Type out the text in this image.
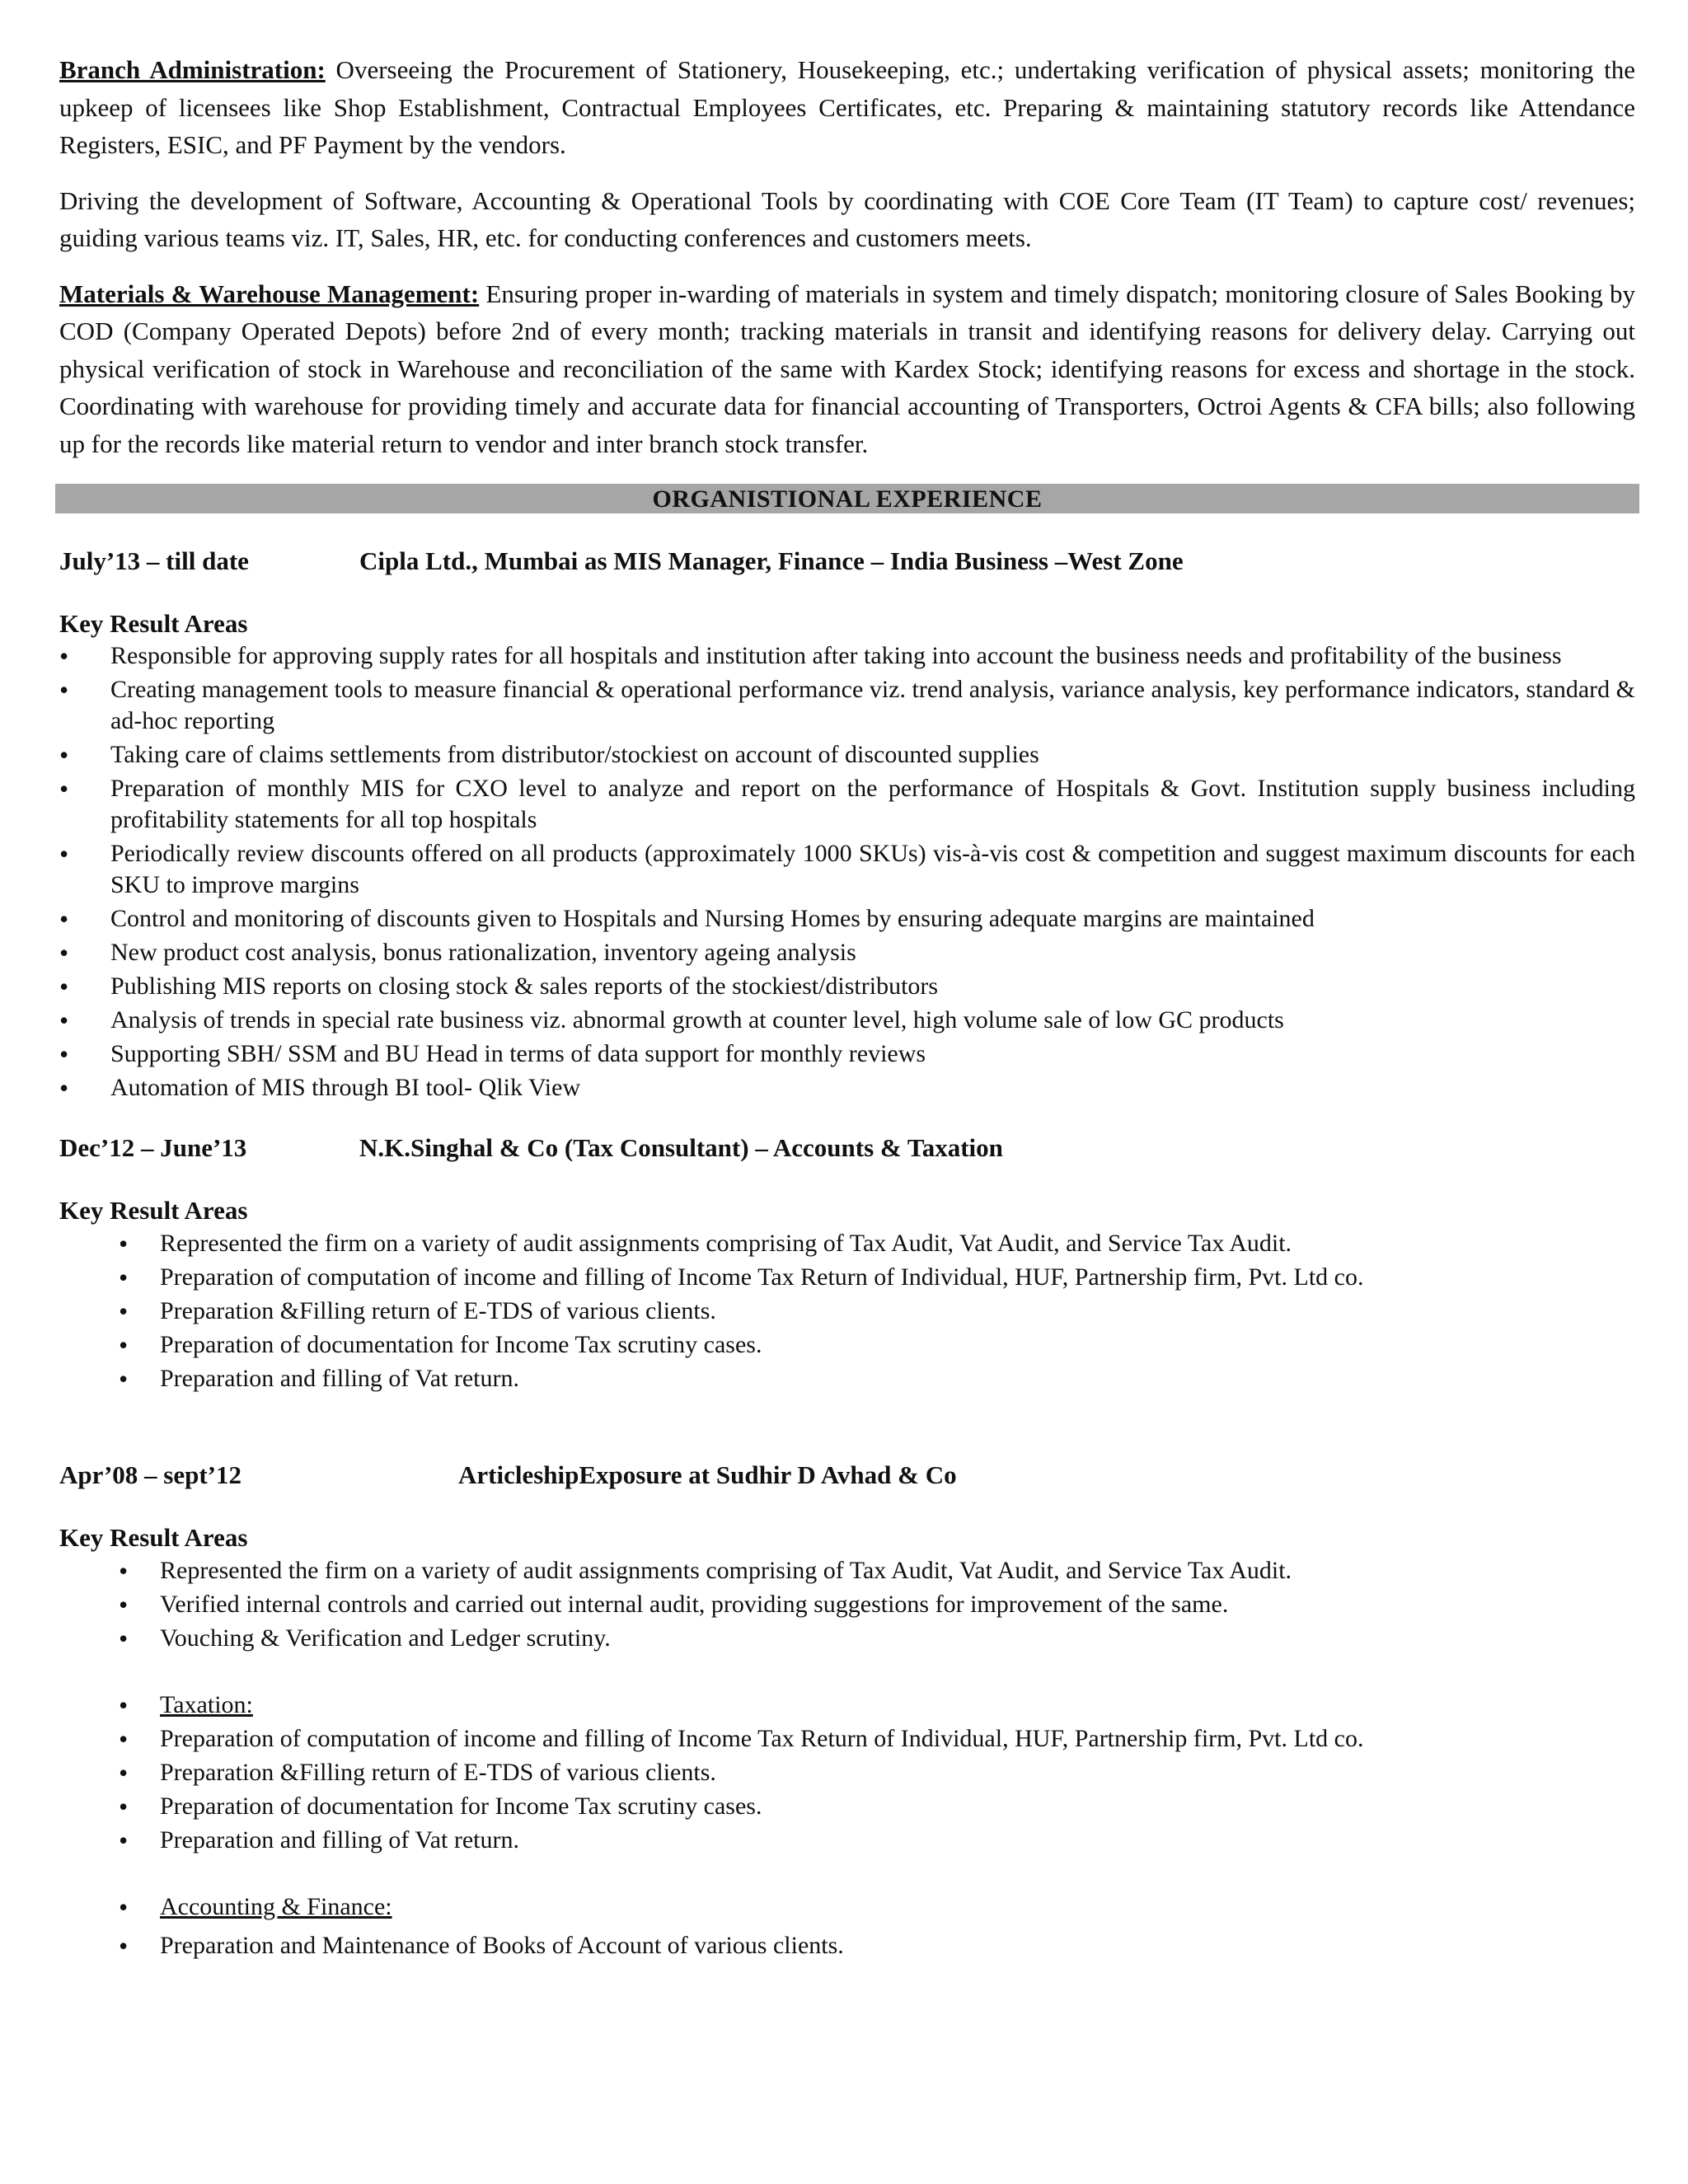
Branch Administration: Overseeing the Procurement of Stationery, Housekeeping, etc.; undertaking verification of physical assets; monitoring the upkeep of licensees like Shop Establishment, Contractual Employees Certificates, etc. Preparing & maintaining statutory records like Attendance Registers, ESIC, and PF Payment by the vendors.

Driving the development of Software, Accounting & Operational Tools by coordinating with COE Core Team (IT Team) to capture cost/ revenues; guiding various teams viz. IT, Sales, HR, etc. for conducting conferences and customers meets.

Materials & Warehouse Management: Ensuring proper in-warding of materials in system and timely dispatch; monitoring closure of Sales Booking by COD (Company Operated Depots) before 2nd of every month; tracking materials in transit and identifying reasons for delivery delay. Carrying out physical verification of stock in Warehouse and reconciliation of the same with Kardex Stock; identifying reasons for excess and shortage in the stock. Coordinating with warehouse for providing timely and accurate data for financial accounting of Transporters, Octroi Agents & CFA bills; also following up for the records like material return to vendor and inter branch stock transfer.

ORGANISTIONAL EXPERIENCE
July’13 – till date	Cipla Ltd., Mumbai as MIS Manager, Finance – India Business –West Zone
Key Result Areas
• Responsible for approving supply rates for all hospitals and institution after taking into account the business needs and profitability of the business
• Creating management tools to measure financial & operational performance viz. trend analysis, variance analysis, key performance indicators, standard & ad-hoc reporting
• Taking care of claims settlements from distributor/stockiest on account of discounted supplies
• Preparation of monthly MIS for CXO level to analyze and report on the performance of Hospitals & Govt. Institution supply business including profitability statements for all top hospitals
• Periodically review discounts offered on all products (approximately 1000 SKUs) vis-à-vis cost & competition and suggest maximum discounts for each SKU to improve margins
• Control and monitoring of discounts given to Hospitals and Nursing Homes by ensuring adequate margins are maintained
• New product cost analysis, bonus rationalization, inventory ageing analysis
• Publishing MIS reports on closing stock & sales reports of the stockiest/distributors
• Analysis of trends in special rate business viz. abnormal growth at counter level, high volume sale of low GC products
• Supporting SBH/ SSM and BU Head in terms of data support for monthly reviews
• Automation of MIS through BI tool- Qlik View
Dec’12 – June’13	N.K.Singhal & Co (Tax Consultant) – Accounts & Taxation
Key Result Areas
• Represented the firm on a variety of audit assignments comprising of Tax Audit, Vat Audit, and Service Tax Audit.
• Preparation of computation of income and filling of Income Tax Return of Individual, HUF, Partnership firm, Pvt. Ltd co.
• Preparation &Filling return of E-TDS of various clients.
• Preparation of documentation for Income Tax scrutiny cases.
• Preparation and filling of Vat return.
Apr’08 – sept’12	ArticleshipExposure at Sudhir D Avhad & Co
Key Result Areas
• Represented the firm on a variety of audit assignments comprising of Tax Audit, Vat Audit, and Service Tax Audit.
• Verified internal controls and carried out internal audit, providing suggestions for improvement of the same.
• Vouching & Verification and Ledger scrutiny.
• Taxation:
• Preparation of computation of income and filling of Income Tax Return of Individual, HUF, Partnership firm, Pvt. Ltd co.
• Preparation &Filling return of E-TDS of various clients.
• Preparation of documentation for Income Tax scrutiny cases.
• Preparation and filling of Vat return.
• Accounting & Finance:
• Preparation and Maintenance of Books of Account of various clients.
